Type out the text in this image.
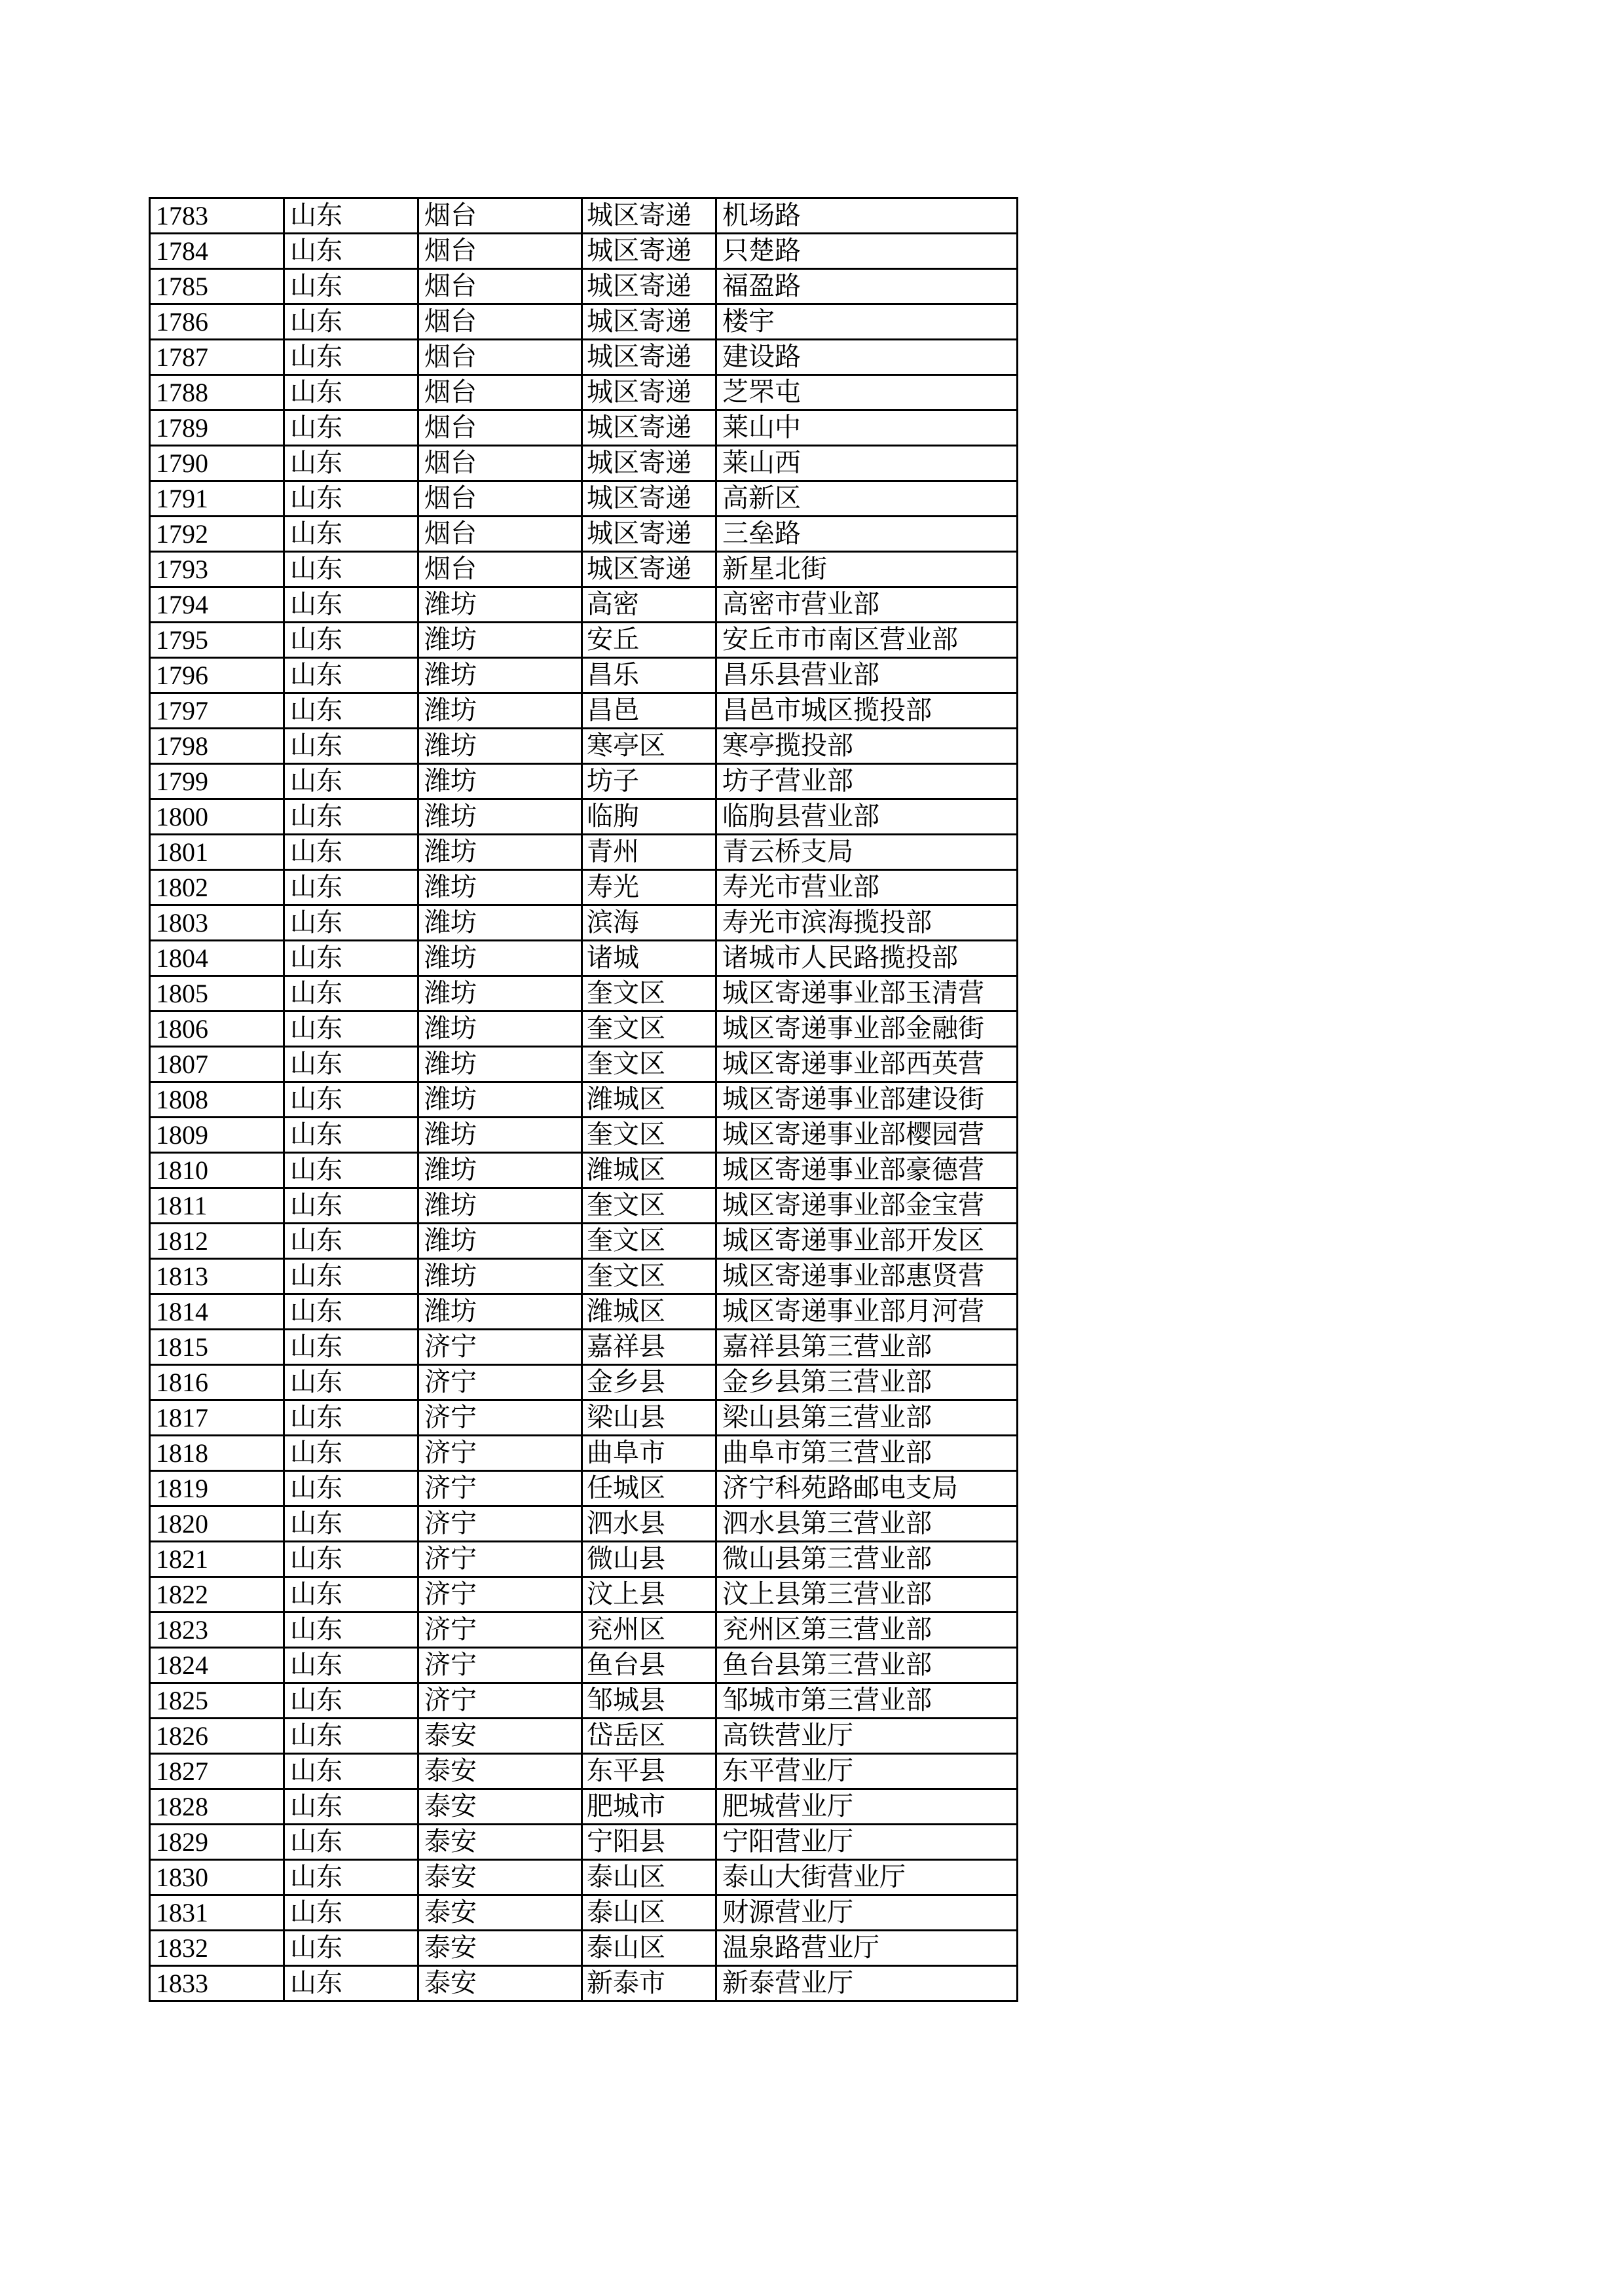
1783	山东	烟台	城区寄递	机场路
1784	山东	烟台	城区寄递	只楚路
1785	山东	烟台	城区寄递	福盈路
1786	山东	烟台	城区寄递	楼宇
1787	山东	烟台	城区寄递	建设路
1788	山东	烟台	城区寄递	芝罘屯
1789	山东	烟台	城区寄递	莱山中
1790	山东	烟台	城区寄递	莱山西
1791	山东	烟台	城区寄递	高新区
1792	山东	烟台	城区寄递	三垒路
1793	山东	烟台	城区寄递	新星北街
1794	山东	潍坊	高密	高密市营业部
1795	山东	潍坊	安丘	安丘市市南区营业部
1796	山东	潍坊	昌乐	昌乐县营业部
1797	山东	潍坊	昌邑	昌邑市城区揽投部
1798	山东	潍坊	寒亭区	寒亭揽投部
1799	山东	潍坊	坊子	坊子营业部
1800	山东	潍坊	临朐	临朐县营业部
1801	山东	潍坊	青州	青云桥支局
1802	山东	潍坊	寿光	寿光市营业部
1803	山东	潍坊	滨海	寿光市滨海揽投部
1804	山东	潍坊	诸城	诸城市人民路揽投部
1805	山东	潍坊	奎文区	城区寄递事业部玉清营
1806	山东	潍坊	奎文区	城区寄递事业部金融街
1807	山东	潍坊	奎文区	城区寄递事业部西英营
1808	山东	潍坊	潍城区	城区寄递事业部建设街
1809	山东	潍坊	奎文区	城区寄递事业部樱园营
1810	山东	潍坊	潍城区	城区寄递事业部豪德营
1811	山东	潍坊	奎文区	城区寄递事业部金宝营
1812	山东	潍坊	奎文区	城区寄递事业部开发区
1813	山东	潍坊	奎文区	城区寄递事业部惠贤营
1814	山东	潍坊	潍城区	城区寄递事业部月河营
1815	山东	济宁	嘉祥县	嘉祥县第三营业部
1816	山东	济宁	金乡县	金乡县第三营业部
1817	山东	济宁	梁山县	梁山县第三营业部
1818	山东	济宁	曲阜市	曲阜市第三营业部
1819	山东	济宁	任城区	济宁科苑路邮电支局
1820	山东	济宁	泗水县	泗水县第三营业部
1821	山东	济宁	微山县	微山县第三营业部
1822	山东	济宁	汶上县	汶上县第三营业部
1823	山东	济宁	兖州区	兖州区第三营业部
1824	山东	济宁	鱼台县	鱼台县第三营业部
1825	山东	济宁	邹城县	邹城市第三营业部
1826	山东	泰安	岱岳区	高铁营业厅
1827	山东	泰安	东平县	东平营业厅
1828	山东	泰安	肥城市	肥城营业厅
1829	山东	泰安	宁阳县	宁阳营业厅
1830	山东	泰安	泰山区	泰山大街营业厅
1831	山东	泰安	泰山区	财源营业厅
1832	山东	泰安	泰山区	温泉路营业厅
1833	山东	泰安	新泰市	新泰营业厅
